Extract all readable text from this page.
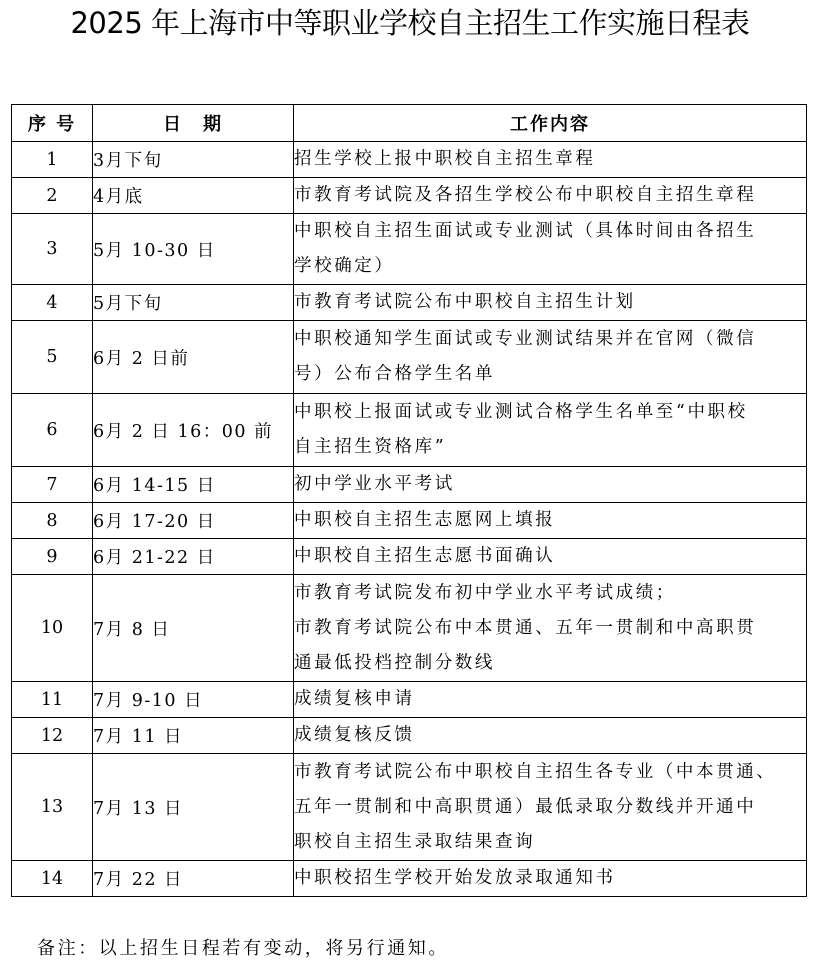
2025 年上海市中等职业学校自主招生工作实施日程表
序 号	日　期	工作内容
1	3月下旬	招生学校上报中职校自主招生章程

2	4月底	市教育考试院及各招生学校公布中职校自主招生章程

3	5月 10-30 日	中职校自主招生面试或专业测试（具体时间由各招生
学校确定）

4	5月下旬	市教育考试院公布中职校自主招生计划

5	6月 2 日前	中职校通知学生面试或专业测试结果并在官网（微信
号）公布合格学生名单

6	6月 2 日 16：00 前	中职校上报面试或专业测试合格学生名单至“中职校
自主招生资格库”

7	6月 14-15 日	初中学业水平考试

8	6月 17-20 日	中职校自主招生志愿网上填报

9	6月 21-22 日	中职校自主招生志愿书面确认

10	7月 8 日	市教育考试院发布初中学业水平考试成绩；
市教育考试院公布中本贯通、五年一贯制和中高职贯
通最低投档控制分数线

11	7月 9-10 日	成绩复核申请

12	7月 11 日	成绩复核反馈

13	7月 13 日	市教育考试院公布中职校自主招生各专业（中本贯通、
五年一贯制和中高职贯通）最低录取分数线并开通中
职校自主招生录取结果查询

14	7月 22 日	中职校招生学校开始发放录取通知书
备注：以上招生日程若有变动，将另行通知。
